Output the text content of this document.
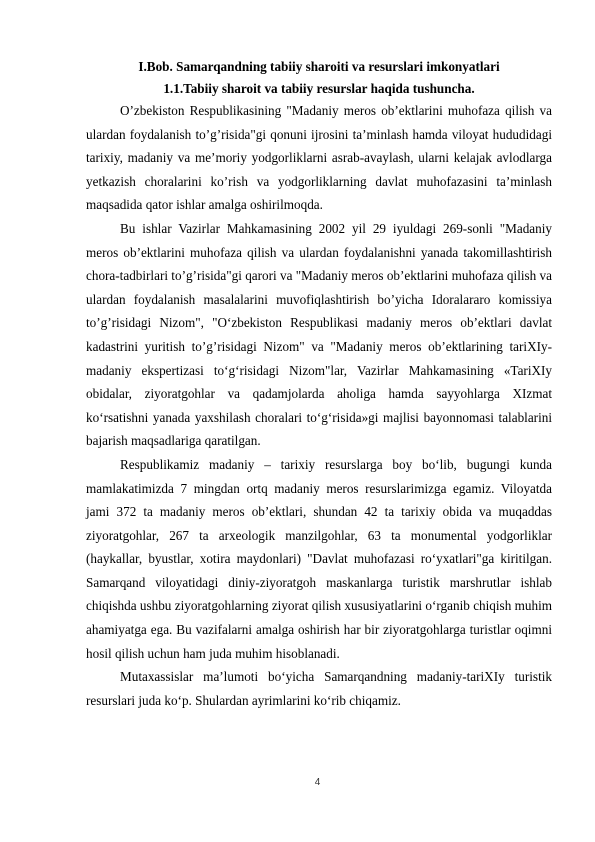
I.Bob. Samarqandning tabiiy sharoiti va resurslari imkonyatlari
1.1.Tabiiy sharoit va tabiiy resurslar haqida tushuncha.

O’zbekiston Respublikasining "Madaniy meros ob’ektlarini muhofaza qilish va ulardan foydalanish to’g’risida"gi qonuni ijrosini ta’minlash hamda viloyat hududidagi tarixiy, madaniy va me’moriy yodgorliklarni asrab-avaylash, ularni kelajak avlodlarga yetkazish choralarini ko’rish va yodgorliklarning davlat muhofazasini ta’minlash maqsadida qator ishlar amalga oshirilmoqda.

Bu ishlar Vazirlar Mahkamasining 2002 yil 29 iyuldagi 269-sonli "Madaniy meros ob’ektlarini muhofaza qilish va ulardan foydalanishni yanada takomillashtirish chora-tadbirlari to’g’risida"gi qarori va "Madaniy meros ob’ektlarini muhofaza qilish va ulardan foydalanish masalalarini muvofiqlashtirish bo’yicha Idoralararo komissiya to’g’risidagi Nizom", "O‘zbekiston Respublikasi madaniy meros ob’ektlari davlat kadastrini yuritish to’g’risidagi Nizom" va "Madaniy meros ob’ektlarining tariXIy-madaniy ekspertizasi to‘g‘risidagi Nizom"lar, Vazirlar Mahkamasining «TariXIy obidalar, ziyoratgohlar va qadamjolarda aholiga hamda sayyohlarga XIzmat ko‘rsatishni yanada yaxshilash choralari to‘g‘risida»gi majlisi bayonnomasi talablarini bajarish maqsadlariga qaratilgan.

Respublikamiz madaniy – tarixiy resurslarga boy bo‘lib, bugungi kunda mamlakatimizda 7 mingdan ortq madaniy meros resurslarimizga egamiz. Viloyatda jami 372 ta madaniy meros ob’ektlari, shundan 42 ta tarixiy obida va muqaddas ziyoratgohlar, 267 ta arxeologik manzilgohlar, 63 ta monumental yodgorliklar (haykallar, byustlar, xotira maydonlari) "Davlat muhofazasi ro‘yxatlari"ga kiritilgan. Samarqand viloyatidagi diniy-ziyoratgoh maskanlarga turistik marshrutlar ishlab chiqishda ushbu ziyoratgohlarning ziyorat qilish xususiyatlarini o‘rganib chiqish muhim ahamiyatga ega. Bu vazifalarni amalga oshirish har bir ziyoratgohlarga turistlar oqimni hosil qilish uchun ham juda muhim hisoblanadi.

Mutaxassislar ma’lumoti bo‘yicha Samarqandning madaniy-tariXIy turistik resurslari juda ko‘p. Shulardan ayrimlarini ko‘rib chiqamiz.

4
